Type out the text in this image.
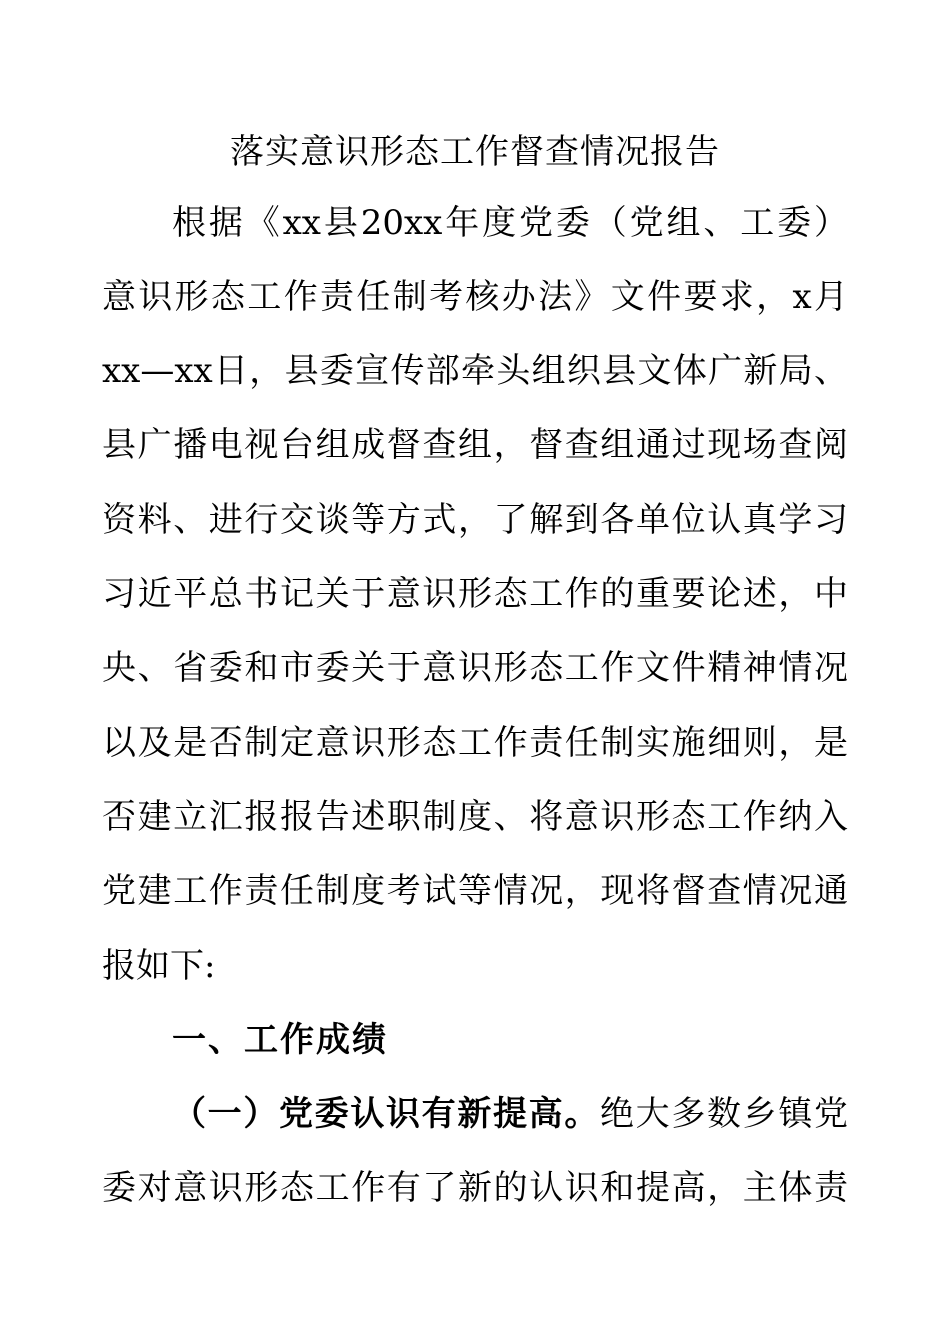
落实意识形态工作督查情况报告
根据《xx县20xx年度党委（党组、工委）
意识形态工作责任制考核办法》文件要求，x月
xx—xx日，县委宣传部牵头组织县文体广新局、
县广播电视台组成督查组，督查组通过现场查阅
资料、进行交谈等方式，了解到各单位认真学习
习近平总书记关于意识形态工作的重要论述，中
央、省委和市委关于意识形态工作文件精神情况
以及是否制定意识形态工作责任制实施细则，是
否建立汇报报告述职制度、将意识形态工作纳入
党建工作责任制度考试等情况，现将督查情况通
报如下:
一、工作成绩
（一）党委认识有新提高。绝大多数乡镇党
委对意识形态工作有了新的认识和提高，主体责
